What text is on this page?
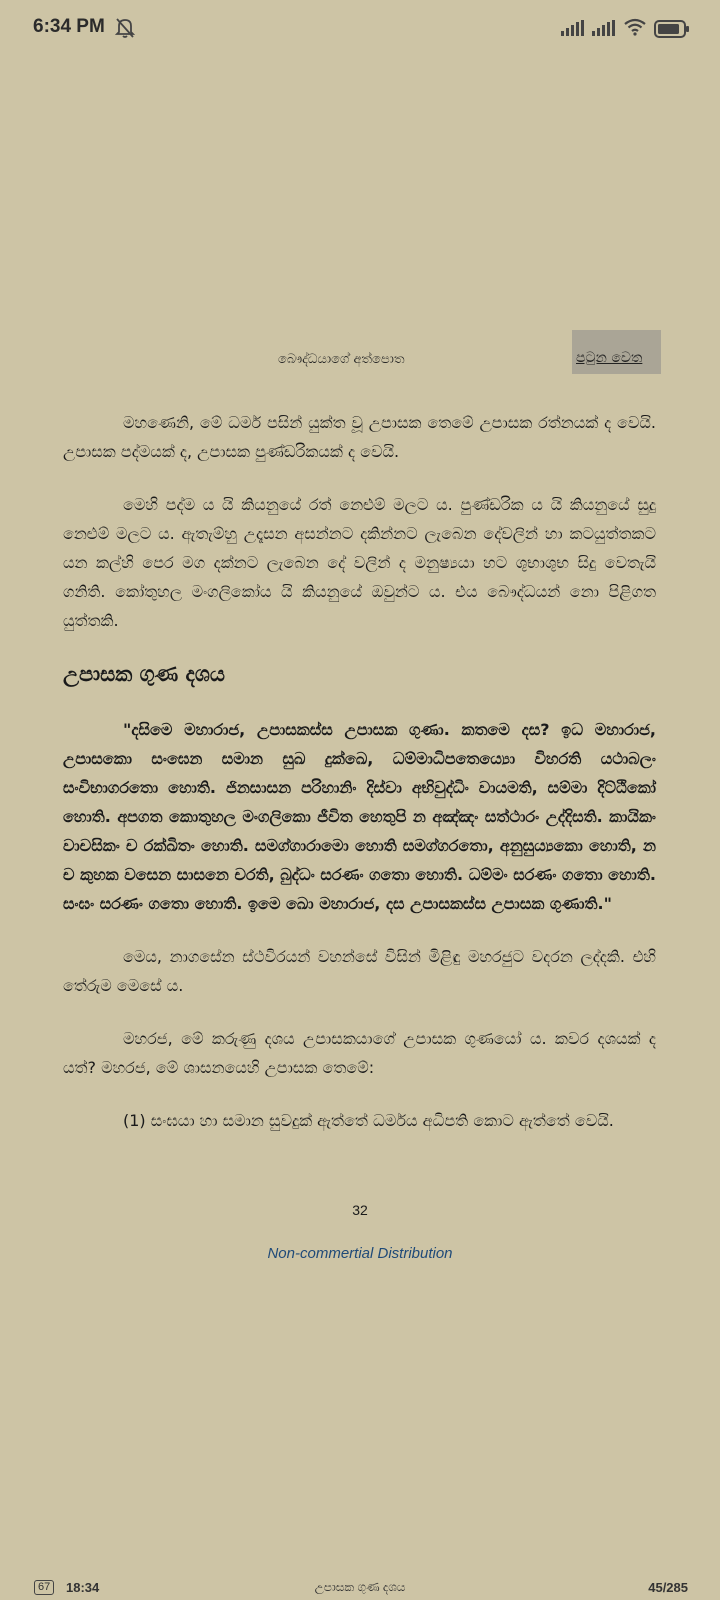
6:34 PM
බෞද්ධයාගේ අත්පොත	පටුන වෙත

මහණෙනි, මේ ධර්ම පසින් යුක්ත වූ උපාසක තෙමේ උපාසක රත්නයක් ද වෙයි. උපාසක පද්මයක් ද, උපාසක පුණ්ඩරිකයක් ද වෙයි.

මෙහි පද්ම ය යි කියනුයේ රත් නෙළුම් මලට ය. පුණ්ඩරික ය යි කියනුයේ සුදු නෙළුම් මලට ය. ඇතැම්හු උදෑසන අසන්නට දකින්නට ලැබෙන දේවලින් හා කටයුත්තකට යන කල්හි පෙර මග දක්නට ලැබෙන දේ වලින් ද මනුෂ්‍යයා හට ශුභාශුභ සිදු වෙතැයි ගනිති. කෝතුහල මංගලිකෝය යි කියනුයේ ඔවුන්ට ය. එය බෞද්ධයන් නො පිළිගත යුත්තකි.

උපාසක ගුණ දශය

"දසිමෙ මහාරාජ, උපාසකස්ස උපාසක ගුණා. කතමෙ දස? ඉධ මහාරාජ, උපාසකො සංඝෙන සමාන සුඛ දුක්ඛෙ, ධම්මාධිපතෙය්‍යො විහරති යථාබලං සංවිභාගරතො හොති. ජිනසාසන පරිහානිං දිස්වා අභිවුද්ධිං වායමති, සම්මා දිට්ඨිකෝ හොති. අපගත කොතුහල මංගලිකො ජීවිත හෙතුපි න අඤ්ඤං සත්ථාරං උද්දිසති. කායිකං වාචසිකං ච රක්ඛිතං හොති. සමග්ගාරාමො හොති සමග්ගරතො, අනුසුය්‍යකො හොති, න ච කුහක වසෙන සාසනෙ චරති, බුද්ධං සරණං ගතො හොති. ධම්මං සරණං ගතො හොති. සංඝං සරණං ගතො හොති. ඉමෙ ඛො මහාරාජ, දස උපාසකස්ස උපාසක ගුණාති."

මෙය, නාගසේන ස්ථවිරයන් වහන්සේ විසින් මිළිඳු මහරජුට වදරන ලද්දකි. එහි තේරුම මෙසේ ය.

මහරජ, මේ කරුණු දශය උපාසකයාගේ උපාසක ගුණයෝ ය. කවර දශයක් ද යත්? මහරජ, මේ ශාසනයෙහි උපාසක තෙමේ:

(1) සංඝයා හා සමාන සුවදුක් ඇත්තේ ධර්මය අධිපති කොට ඇත්තේ වෙයි.

32
Non-commertial Distribution
67	18:34	උපාසක ගුණ දශය	45/285
